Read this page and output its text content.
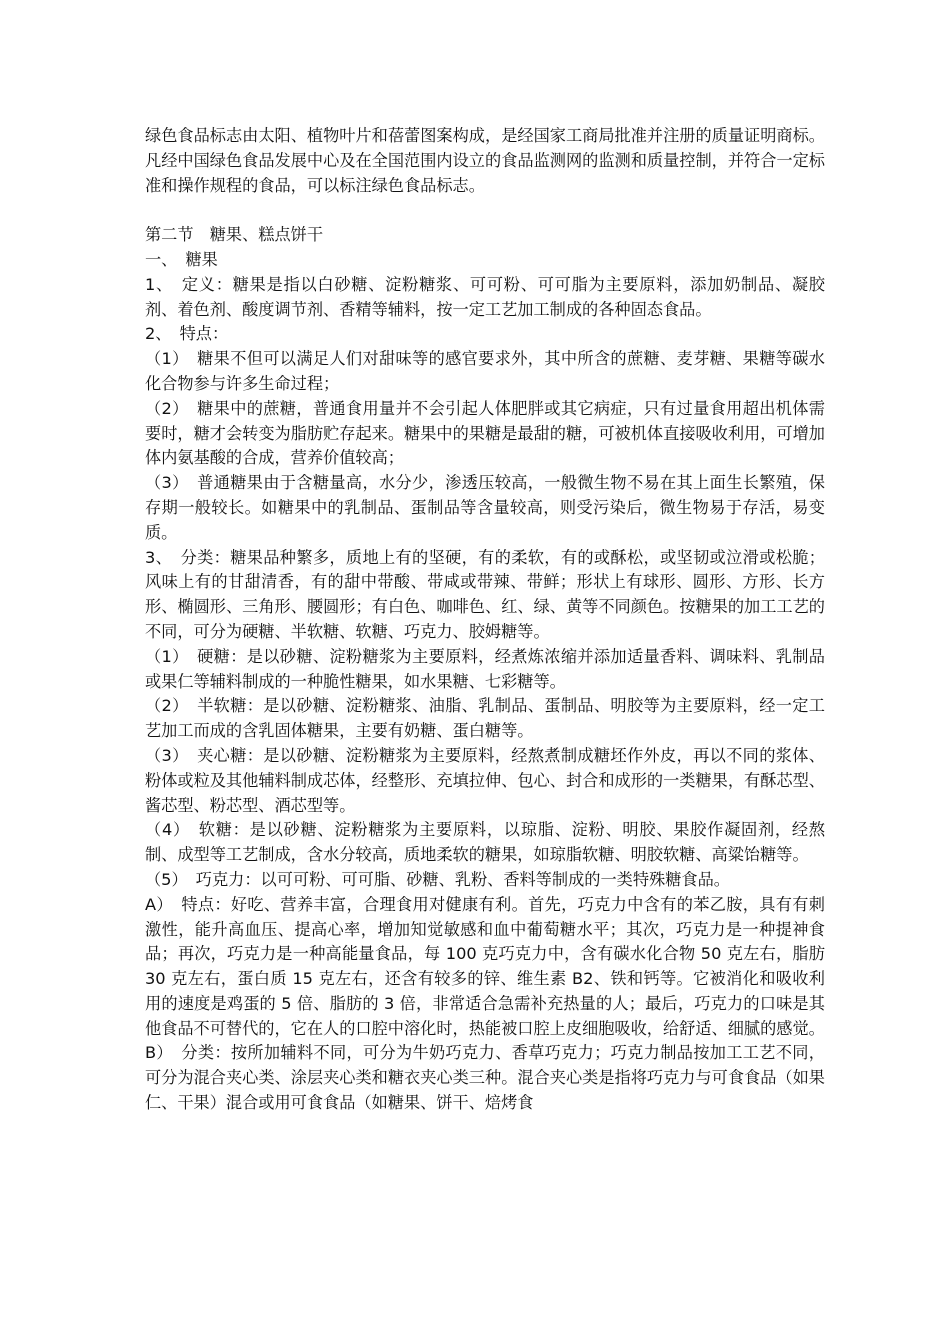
绿色食品标志由太阳、植物叶片和蓓蕾图案构成，是经国家工商局批准并注册的质量证明商标。凡经中国绿色食品发展中心及在全国范围内设立的食品监测网的监测和质量控制，并符合一定标准和操作规程的食品，可以标注绿色食品标志。

第二节　糖果、糕点饼干

一、　糖果

1、　定义：糖果是指以白砂糖、淀粉糖浆、可可粉、可可脂为主要原料，添加奶制品、凝胶剂、着色剂、酸度调节剂、香精等辅料，按一定工艺加工制成的各种固态食品。

2、　特点：

（1）　糖果不但可以满足人们对甜味等的感官要求外，其中所含的蔗糖、麦芽糖、果糖等碳水化合物参与许多生命过程；

（2）　糖果中的蔗糖，普通食用量并不会引起人体肥胖或其它病症，只有过量食用超出机体需要时，糖才会转变为脂肪贮存起来。糖果中的果糖是最甜的糖，可被机体直接吸收利用，可增加体内氨基酸的合成，营养价值较高；

（3）　普通糖果由于含糖量高，水分少，渗透压较高，一般微生物不易在其上面生长繁殖，保存期一般较长。如糖果中的乳制品、蛋制品等含量较高，则受污染后，微生物易于存活，易变质。

3、　分类：糖果品种繁多，质地上有的坚硬，有的柔软，有的或酥松，或坚韧或泣滑或松脆；风味上有的甘甜清香，有的甜中带酸、带咸或带辣、带鲜；形状上有球形、圆形、方形、长方形、椭圆形、三角形、腰圆形；有白色、咖啡色、红、绿、黄等不同颜色。按糖果的加工工艺的不同，可分为硬糖、半软糖、软糖、巧克力、胶姆糖等。

（1）　硬糖：是以砂糖、淀粉糖浆为主要原料，经煮炼浓缩并添加适量香料、调味料、乳制品或果仁等辅料制成的一种脆性糖果，如水果糖、七彩糖等。

（2）　半软糖：是以砂糖、淀粉糖浆、油脂、乳制品、蛋制品、明胶等为主要原料，经一定工艺加工而成的含乳固体糖果，主要有奶糖、蛋白糖等。

（3）　夹心糖：是以砂糖、淀粉糖浆为主要原料，经熬煮制成糖坯作外皮，再以不同的浆体、粉体或粒及其他辅料制成芯体，经整形、充填拉伸、包心、封合和成形的一类糖果，有酥芯型、酱芯型、粉芯型、酒芯型等。

（4）　软糖：是以砂糖、淀粉糖浆为主要原料，以琼脂、淀粉、明胶、果胶作凝固剂，经熬制、成型等工艺制成，含水分较高，质地柔软的糖果，如琼脂软糖、明胶软糖、高粱饴糖等。

（5）　巧克力：以可可粉、可可脂、砂糖、乳粉、香料等制成的一类特殊糖食品。

A）　特点：好吃、营养丰富，合理食用对健康有利。首先，巧克力中含有的苯乙胺，具有有刺激性，能升高血压、提高心率，增加知觉敏感和血中葡萄糖水平；其次，巧克力是一种提神食品；再次，巧克力是一种高能量食品，每 100 克巧克力中，含有碳水化合物 50 克左右，脂肪 30 克左右，蛋白质 15 克左右，还含有较多的锌、维生素 B2、铁和钙等。它被消化和吸收利用的速度是鸡蛋的 5 倍、脂肪的 3 倍，非常适合急需补充热量的人；最后，巧克力的口味是其他食品不可替代的，它在人的口腔中溶化时，热能被口腔上皮细胞吸收，给舒适、细腻的感觉。

B）　分类：按所加辅料不同，可分为牛奶巧克力、香草巧克力；巧克力制品按加工工艺不同，可分为混合夹心类、涂层夹心类和糖衣夹心类三种。混合夹心类是指将巧克力与可食食品（如果仁、干果）混合或用可食食品（如糖果、饼干、焙烤食
